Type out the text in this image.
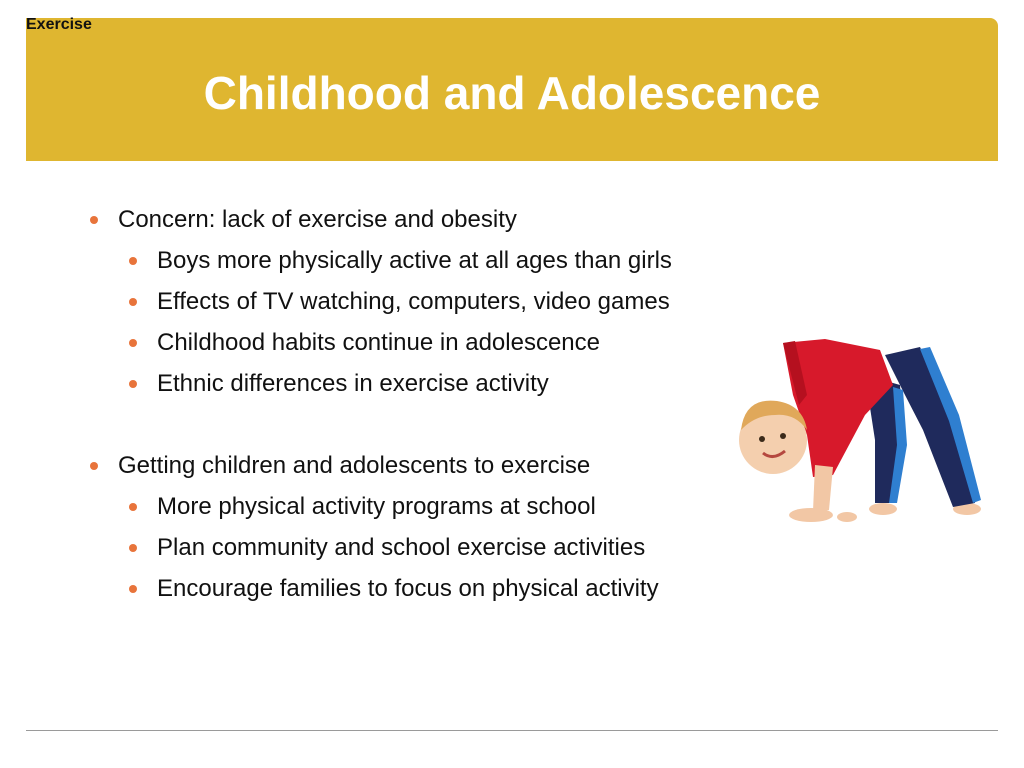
Exercise
Childhood and Adolescence
Concern: lack of exercise and obesity
Boys more physically active at all ages than girls
Effects of TV watching, computers, video games
Childhood habits continue in adolescence
Ethnic differences in exercise activity
Getting children and adolescents to exercise
More physical activity programs at school
Plan community and school exercise activities
Encourage families to focus on physical activity
